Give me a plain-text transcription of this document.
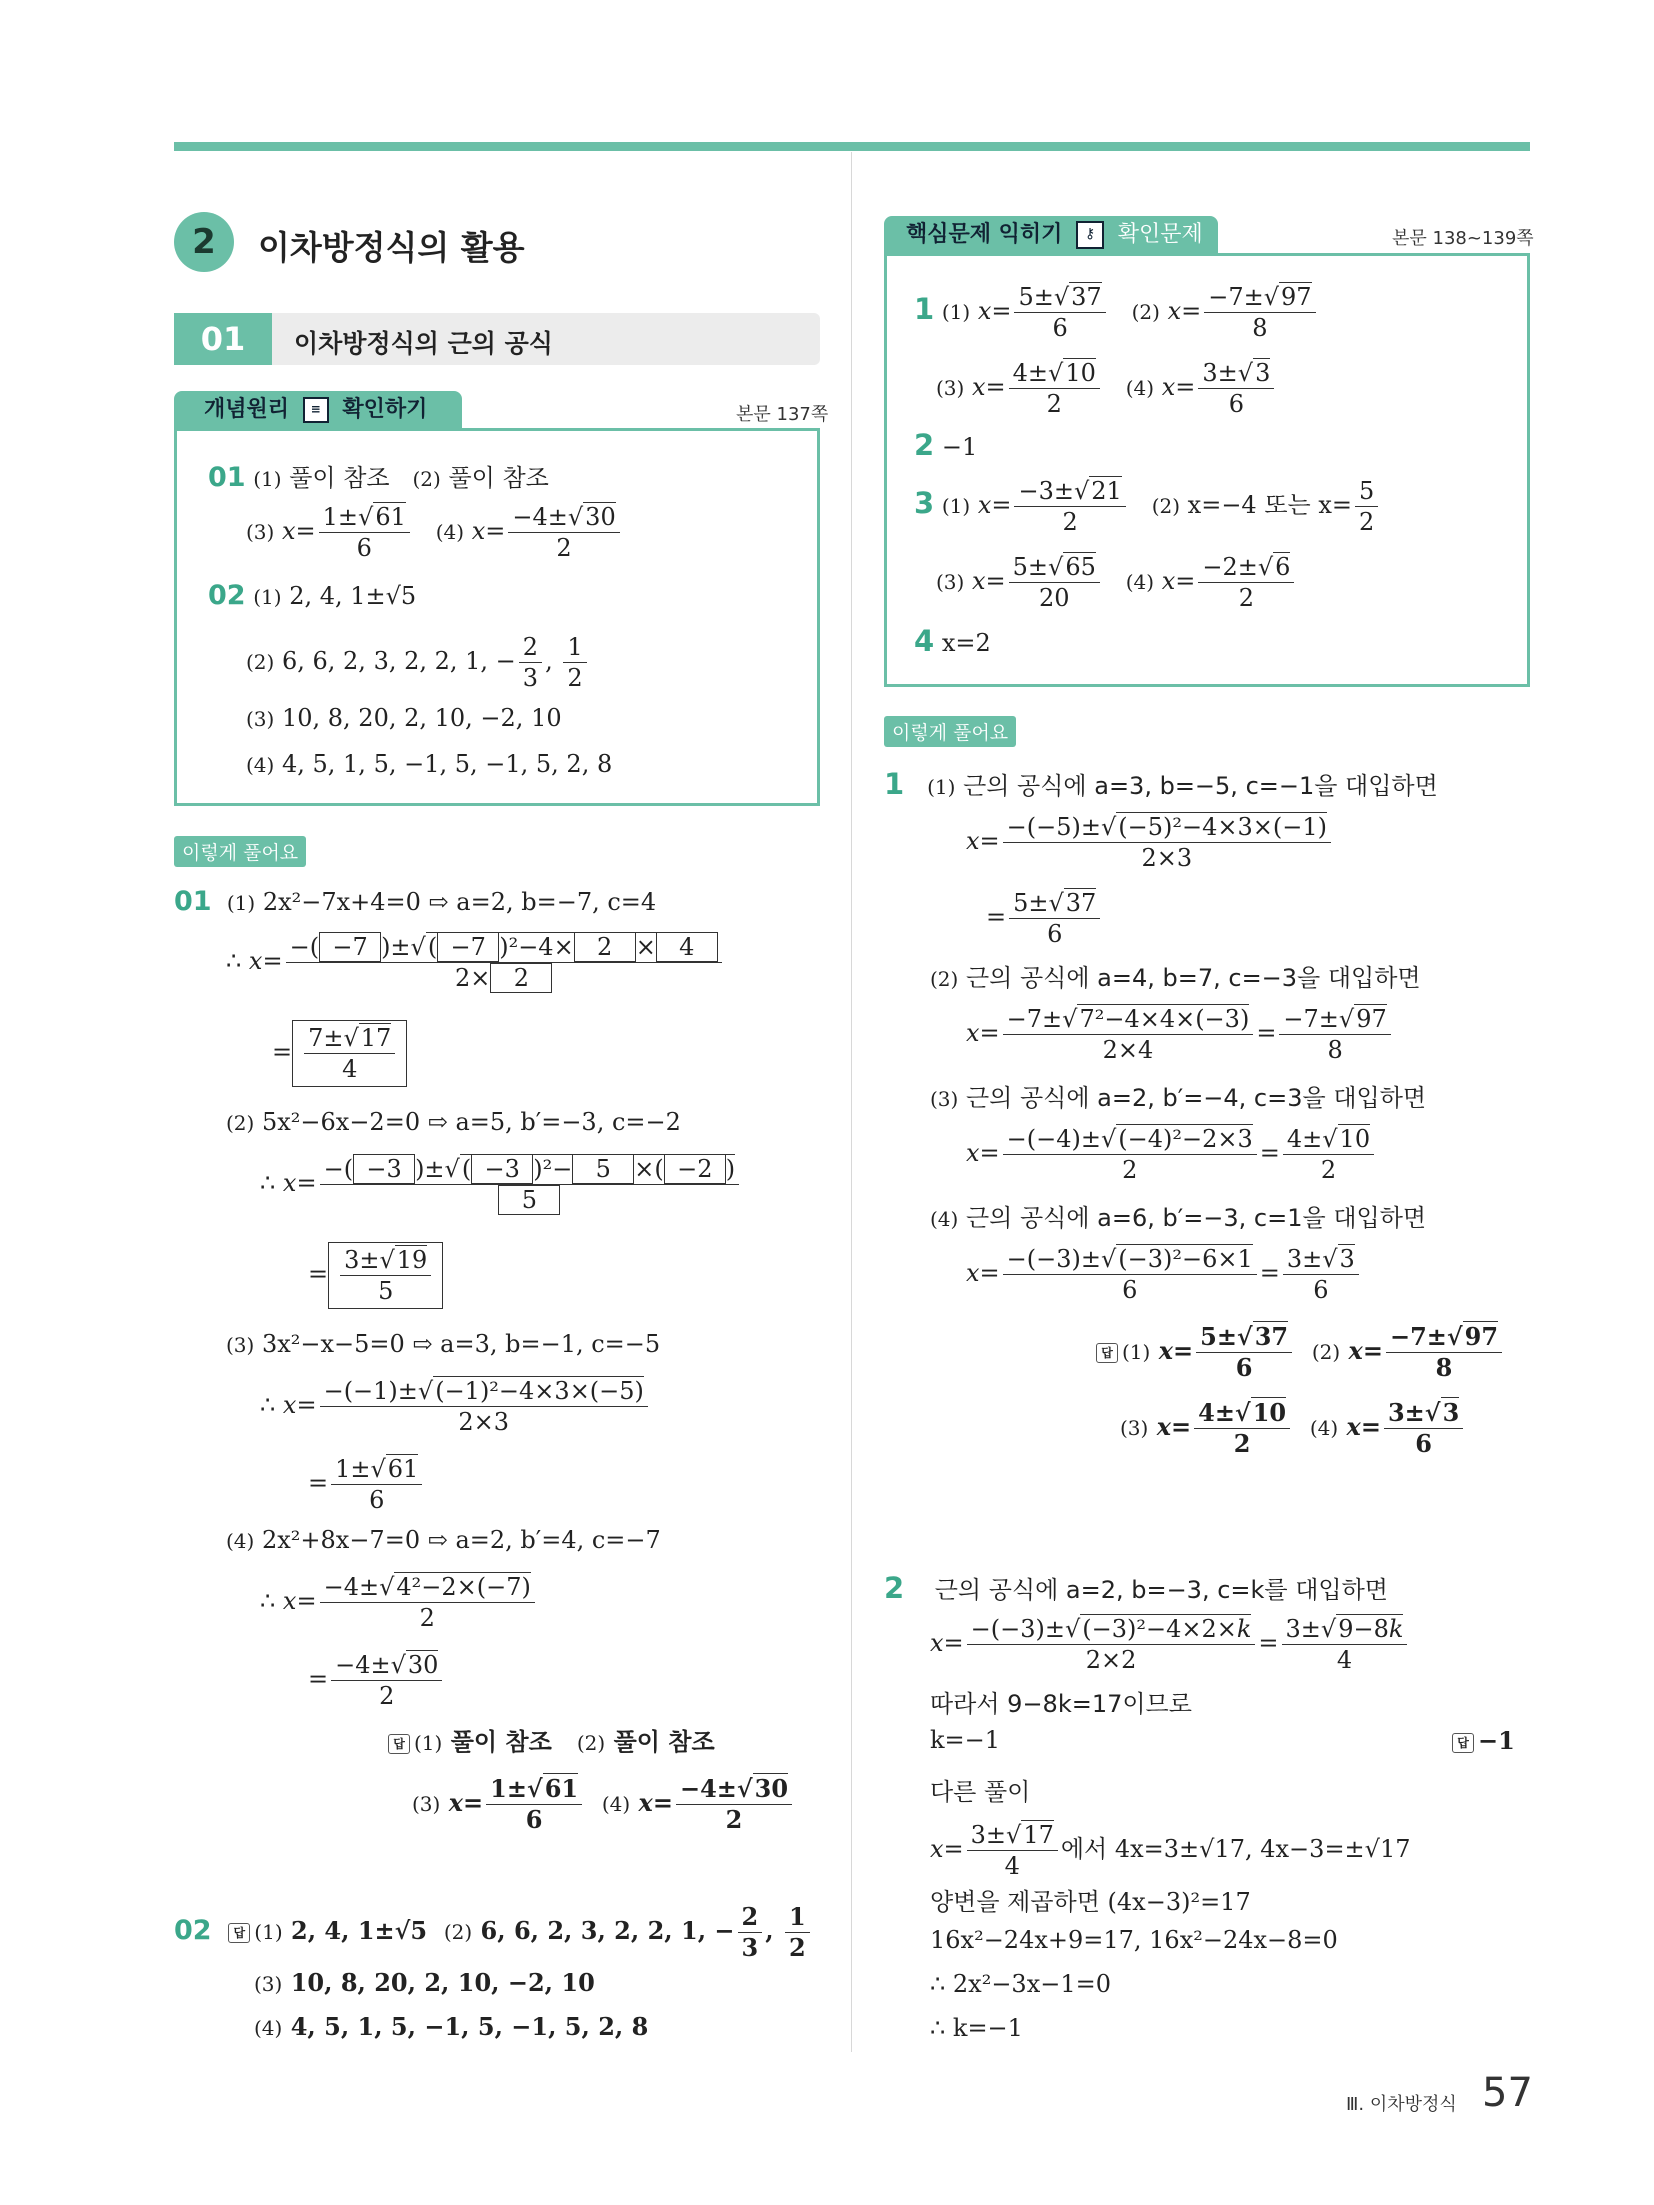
2	이차방정식의 활용
01	이차방정식의 근의 공식
개념원리 ≡ 확인하기	본문 137쪽
01 (1) 풀이 참조 (2) 풀이 참조
(3) $x= \frac{1\pm√61}{6} (4)$ $x= \frac{-4\pm√30}{2}$
02 (1) 2, 4, 1±√5
(2) 6, 6, 2, 3, 2, 2, 1, − $\frac{2}{3}$ , $\frac{1}{2}$
(3) 10, 8, 20, 2, 10, −2, 10
(4) 4, 5, 1, 5, −1, 5, −1, 5, 2, 8
이렇게 풀어요
01 (1) 2x²−7x+4=0 ⇨ a=2, b=−7, c=4
∴ $x= \frac{\text{−( −7 )±√( −7 )²−4× 2 × 4}}{2\times 2}$
= $\frac{7\pm√17}{4}$
(2) 5x²−6x−2=0 ⇨ a=5, b′=−3, c=−2
∴ $x= \frac{\text{−( −3 )±√( −3 )²− 5 ×( −2 )}}{5}$
= $\frac{3\pm√19}{5}$
(3) 3x²−x−5=0 ⇨ a=3, b=−1, c=−5
∴ $x= \frac{\text{−(−1)±√(−1)²−4×3×(−5)}}{2\times 3}$
= $\frac{1\pm√61}{6}$
(4) 2x²+8x−7=0 ⇨ a=2, b′=4, c=−7
∴ $x= \frac{\text{−4±√4²−2×(−7)}}{2}$
= $\frac{-4\pm√30}{2}$
답 (1) 풀이 참조 (2) 풀이 참조
(3) $x= \frac{1\pm√61}{6} (4)$ $x= \frac{-4\pm√30}{2}$
02 답 (1) 2, 4, 1±√5 (2) 6, 6, 2, 3, 2, 2, 1, − $\frac{2}{3}$ , $\frac{1}{2}$
(3) 10, 8, 20, 2, 10, −2, 10
(4) 4, 5, 1, 5, −1, 5, −1, 5, 2, 8
핵심문제 익히기 ⚷ 확인문제	본문 138~139쪽
1 (1) $x= \frac{5\pm√37}{6} (2)$ $x= \frac{-7\pm√97}{8}$
(3) $x= \frac{4\pm√10}{2} (4)$ $x= \frac{3\pm√3}{6}$
2 −1
3 (1) $x= \frac{-3\pm√21}{2} (2)$ x=−4 또는 $x= \frac{5}{2}$
(3) $x= \frac{5\pm√65}{20} (4)$ $x= \frac{-2\pm√6}{2}$
4 x=2
이렇게 풀어요
1 (1) 근의 공식에 a=3, b=−5, c=−1을 대입하면
$x= \frac{\text{−(−5)±√(−5)²−4×3×(−1)}}{2\times 3}$
= $\frac{5\pm√37}{6}$
(2) 근의 공식에 a=4, b=7, c=−3을 대입하면
$x= \frac{\text{−7±√7²−4×4×(−3)}}{2\times 4} = \frac{-7\pm√97}{8}$
(3) 근의 공식에 a=2, b′=−4, c=3을 대입하면
$x= \frac{\text{−(−4)±√(−4)²−2×3}}{2} = \frac{4\pm√10}{2}$
(4) 근의 공식에 a=6, b′=−3, c=1을 대입하면
$x= \frac{\text{−(−3)±√(−3)²−6×1}}{6} = \frac{3\pm√3}{6}$
답 (1) $x= \frac{5\pm√37}{6} (2)$ $x= \frac{-7\pm√97}{8}$
(3) $x= \frac{4\pm√10}{2} (4)$ $x= \frac{3\pm√3}{6}$
2 근의 공식에 a=2, b=−3, c=k를 대입하면
$x= \frac{\text{−(−3)±√(−3)²−4×2×k}}{2\times 2} = \frac{3\pm√9-8k}{4}$
따라서 9−8k=17이므로
k=−1	답 −1
다른 풀이
$x= \frac{3\pm√17}{4}$ 에서 4x=3±√17, 4x−3=±√17
양변을 제곱하면 (4x−3)²=17
16x²−24x+9=17, 16x²−24x−8=0
∴ 2x²−3x−1=0
∴ k=−1
Ⅲ. 이차방정식 57
